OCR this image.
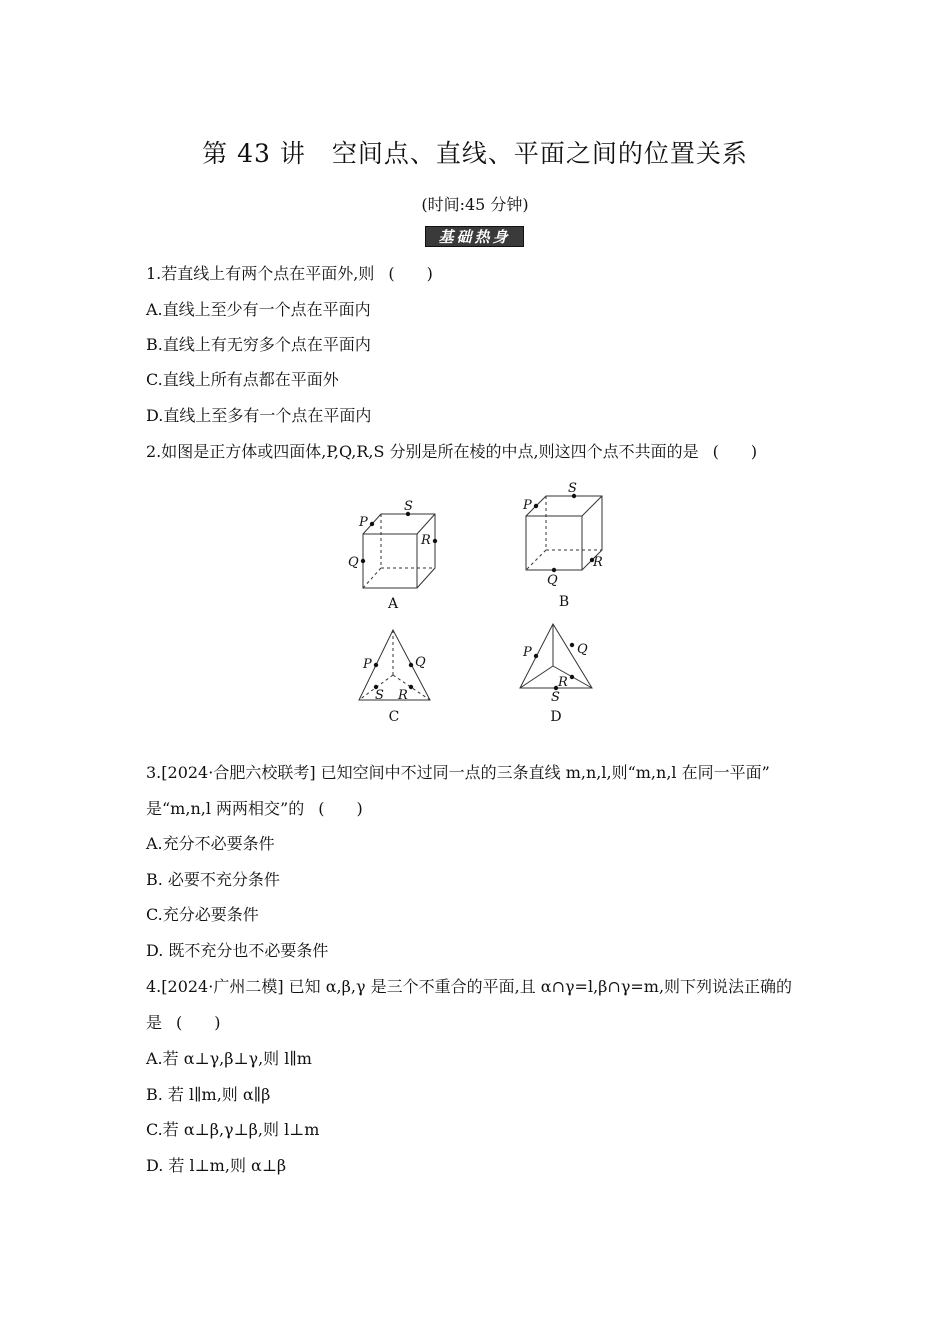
第 43 讲　空间点、直线、平面之间的位置关系
(时间:45 分钟)
基础热身
1.若直线上有两个点在平面外,则 (　　)
A.直线上至少有一个点在平面内
B.直线上有无穷多个点在平面内
C.直线上所有点都在平面外
D.直线上至多有一个点在平面内
2.如图是正方体或四面体,P,Q,R,S 分别是所在棱的中点,则这四个点不共面的是 (　　)
P
S
Q
R
P
S
Q
R
P	Q
S R
P	Q
R
S
A	B
C	D
3.[2024·合肥六校联考] 已知空间中不过同一点的三条直线 m,n,l,则“m,n,l 在同一平面”
是“m,n,l 两两相交”的 (　　)
A.充分不必要条件
B. 必要不充分条件
C.充分必要条件
D. 既不充分也不必要条件
4.[2024·广州二模] 已知 α,β,γ 是三个不重合的平面,且 α∩γ=l,β∩γ=m,则下列说法正确的
是 (　　)
A.若 α⊥γ,β⊥γ,则 l∥m
B. 若 l∥m,则 α∥β
C.若 α⊥β,γ⊥β,则 l⊥m
D. 若 l⊥m,则 α⊥β
